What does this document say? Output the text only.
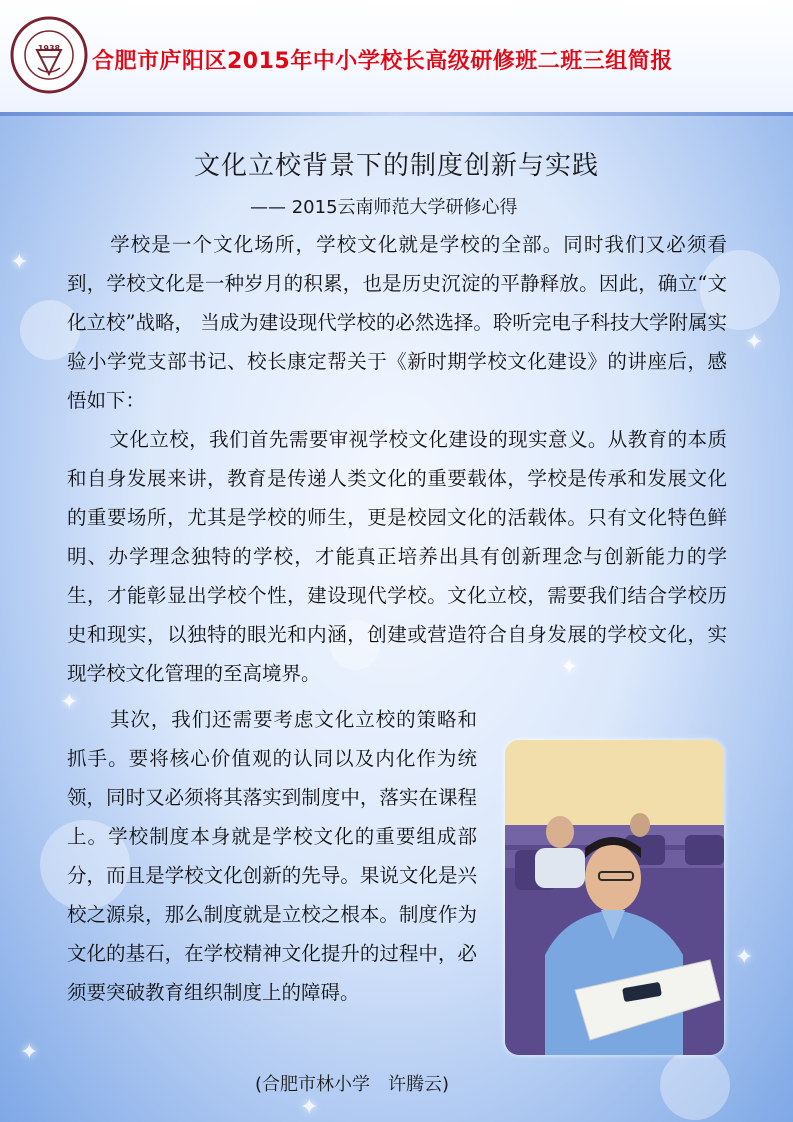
✦
✦
✦
✦
✦
✦
✦
1938
合肥市庐阳区2015年中小学校长高级研修班二班三组简报
文化立校背景下的制度创新与实践
—— 2015云南师范大学研修心得

学校是一个文化场所，学校文化就是学校的全部。同时我们又必须看到，学校文化是一种岁月的积累，也是历史沉淀的平静释放。因此，确立“文化立校”战略， 当成为建设现代学校的必然选择。聆听完电子科技大学附属实验小学党支部书记、校长康定帮关于《新时期学校文化建设》的讲座后，感悟如下：

文化立校，我们首先需要审视学校文化建设的现实意义。从教育的本质和自身发展来讲，教育是传递人类文化的重要载体，学校是传承和发展文化的重要场所，尤其是学校的师生，更是校园文化的活载体。只有文化特色鲜明、办学理念独特的学校，才能真正培养出具有创新理念与创新能力的学生，才能彰显出学校个性，建设现代学校。文化立校，需要我们结合学校历史和现实，以独特的眼光和内涵，创建或营造符合自身发展的学校文化，实现学校文化管理的至高境界。

其次，我们还需要考虑文化立校的策略和抓手。要将核心价值观的认同以及内化作为统领，同时又必须将其落实到制度中，落实在课程上。学校制度本身就是学校文化的重要组成部分，而且是学校文化创新的先导。果说文化是兴校之源泉，那么制度就是立校之根本。制度作为文化的基石，在学校精神文化提升的过程中，必须要突破教育组织制度上的障碍。

(合肥市林小学　许腾云)
